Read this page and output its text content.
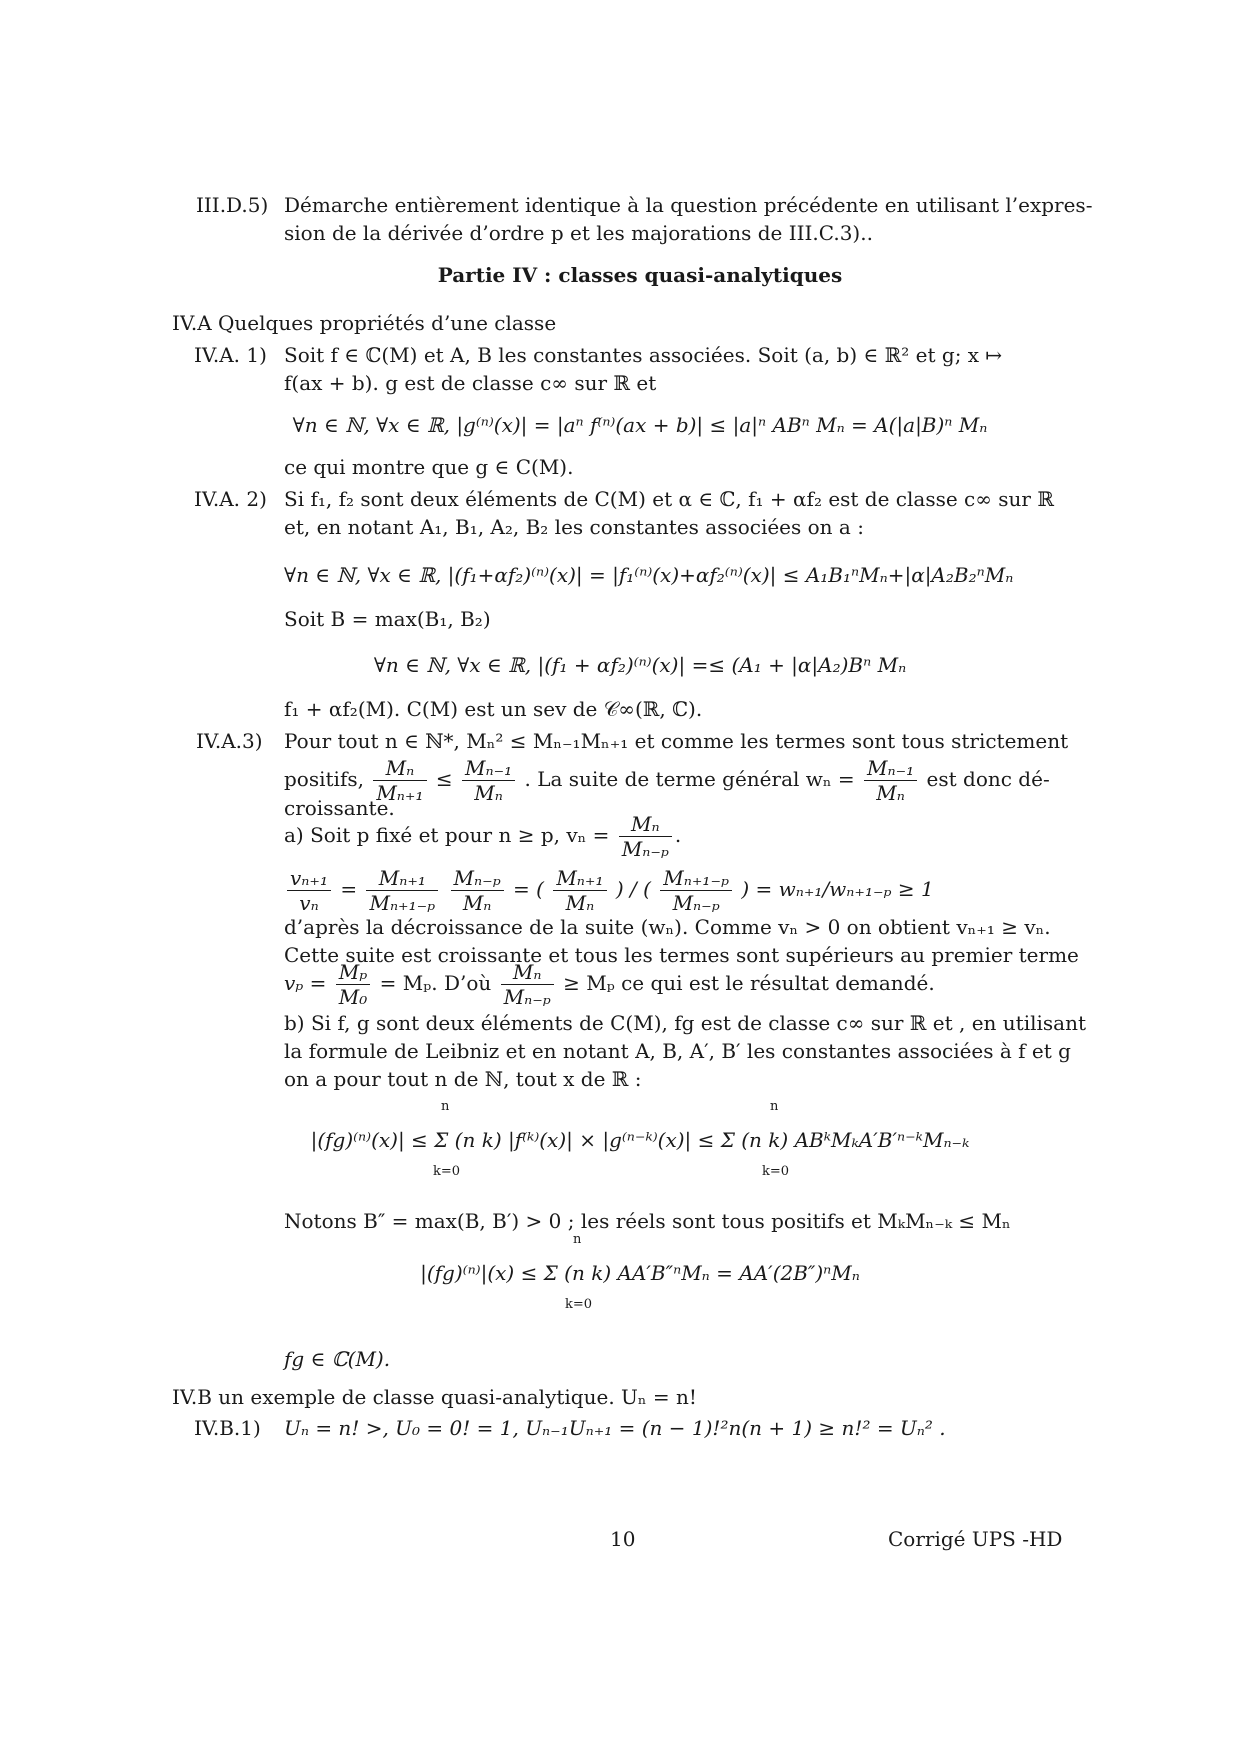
III.D.5) Démarche entièrement identique à la question précédente en utilisant l’expres-
sion de la dérivée d’ordre p et les majorations de III.C.3)..
Partie IV : classes quasi-analytiques
IV.A Quelques propriétés d’une classe
IV.A. 1) Soit f ∈ ℂ(M) et A, B les constantes associées. Soit (a, b) ∈ ℝ² et g; x ↦
f(ax + b). g est de classe c∞ sur ℝ et
∀n ∈ ℕ, ∀x ∈ ℝ, |g⁽ⁿ⁾(x)| = |aⁿ f⁽ⁿ⁾(ax + b)| ≤ |a|ⁿ ABⁿ Mₙ = A(|a|B)ⁿ Mₙ
ce qui montre que g ∈ C(M).
IV.A. 2) Si f₁, f₂ sont deux éléments de C(M) et α ∈ ℂ, f₁ + αf₂ est de classe c∞ sur ℝ
et, en notant A₁, B₁, A₂, B₂ les constantes associées on a :
∀n ∈ ℕ, ∀x ∈ ℝ, |(f₁+αf₂)⁽ⁿ⁾(x)| = |f₁⁽ⁿ⁾(x)+αf₂⁽ⁿ⁾(x)| ≤ A₁B₁ⁿMₙ+|α|A₂B₂ⁿMₙ
Soit B = max(B₁, B₂)
∀n ∈ ℕ, ∀x ∈ ℝ, |(f₁ + αf₂)⁽ⁿ⁾(x)| =≤ (A₁ + |α|A₂)Bⁿ Mₙ
f₁ + αf₂(M). C(M) est un sev de 𝒞∞(ℝ, ℂ).
IV.A.3) Pour tout n ∈ ℕ*, Mₙ² ≤ Mₙ₋₁Mₙ₊₁ et comme les termes sont tous strictement
positifs, $\frac{\text{Mₙ}}{\text{Mₙ₊₁}} \le \frac{\text{Mₙ₋₁}}{\text{Mₙ}}$ . La suite de terme général $w_n = \frac{\text{Mₙ₋₁}}{\text{Mₙ}}$ est donc dé-
croissante.
a) Soit p fixé et pour n ≥ p, $v_n = \frac{\text{Mₙ}}{\text{Mₙ₋ₚ}}$ .
$\frac{\text{vₙ₊₁}}{\text{vₙ}} = \frac{\text{Mₙ₊₁}}{\text{Mₙ₊₁₋ₚ}}$
$\frac{\text{Mₙ₋ₚ}}{\text{Mₙ}}$ = ( $\frac{\text{Mₙ₊₁}}{\text{Mₙ}}$ ) / ( $\frac{\text{Mₙ₊₁₋ₚ}}{\text{Mₙ₋ₚ}}$ ) = wₙ₊₁/wₙ₊₁₋ₚ ≥ 1
d’après la décroissance de la suite (wₙ). Comme vₙ > 0 on obtient vₙ₊₁ ≥ vₙ.
Cette suite est croissante et tous les termes sont supérieurs au premier terme
$v_p = \frac{\text{Mₚ}}{\text{M₀}} = M_p$. D’où $\frac{\text{Mₙ}}{\text{Mₙ₋ₚ}} \ge M_p$ ce qui est le résultat demandé.
b) Si f, g sont deux éléments de C(M), fg est de classe c∞ sur ℝ et , en utilisant
la formule de Leibniz et en notant A, B, A′, B′ les constantes associées à f et g
on a pour tout n de ℕ, tout x de ℝ :
|(fg)⁽ⁿ⁾(x)| ≤ Σ (n k) |f⁽ᵏ⁾(x)| × |g⁽ⁿ⁻ᵏ⁾(x)| ≤ Σ (n k) ABᵏMₖA′B′ⁿ⁻ᵏMₙ₋ₖ
n
k=0
n
k=0
Notons B″ = max(B, B′) > 0 ; les réels sont tous positifs et MₖMₙ₋ₖ ≤ Mₙ
|(fg)⁽ⁿ⁾|(x) ≤ Σ (n k) AA′B″ⁿMₙ = AA′(2B″)ⁿMₙ
n
k=0
fg ∈ ℂ(M).
IV.B un exemple de classe quasi-analytique. Uₙ = n!
IV.B.1) Uₙ = n! >, U₀ = 0! = 1, Uₙ₋₁Uₙ₊₁ = (n − 1)!²n(n + 1) ≥ n!² = Uₙ² .
10	Corrigé UPS -HD
